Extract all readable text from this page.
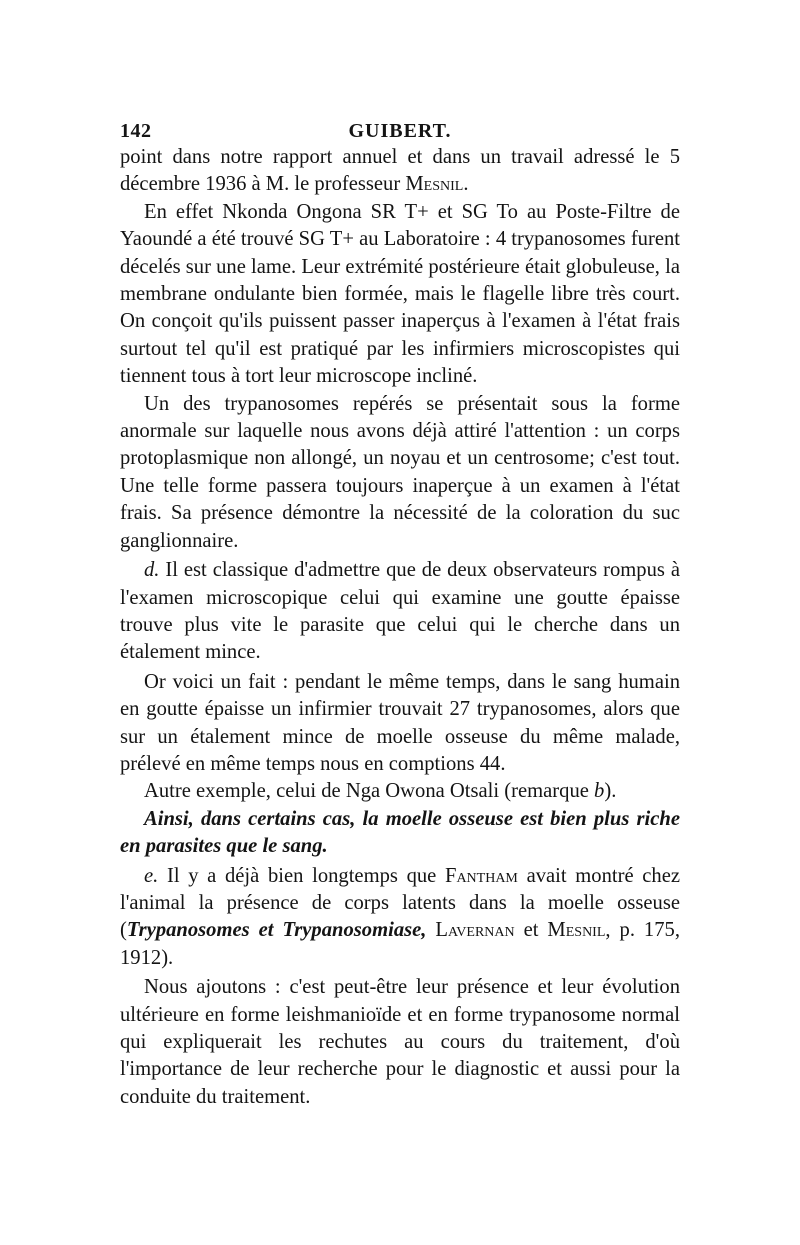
142	GUIBERT.

point dans notre rapport annuel et dans un travail adressé le 5 décembre 1936 à M. le professeur Mesnil.

En effet Nkonda Ongona SR T+ et SG To au Poste-Filtre de Yaoundé a été trouvé SG T+ au Laboratoire : 4 trypanosomes furent décelés sur une lame. Leur extrémité postérieure était globuleuse, la membrane ondulante bien formée, mais le flagelle libre très court. On conçoit qu'ils puissent passer inaperçus à l'examen à l'état frais surtout tel qu'il est pratiqué par les infirmiers microscopistes qui tiennent tous à tort leur microscope incliné.

Un des trypanosomes repérés se présentait sous la forme anormale sur laquelle nous avons déjà attiré l'attention : un corps protoplasmique non allongé, un noyau et un centrosome; c'est tout. Une telle forme passera toujours inaperçue à un examen à l'état frais. Sa présence démontre la nécessité de la coloration du suc ganglionnaire.

d. Il est classique d'admettre que de deux observateurs rompus à l'examen microscopique celui qui examine une goutte épaisse trouve plus vite le parasite que celui qui le cherche dans un étalement mince.

Or voici un fait : pendant le même temps, dans le sang humain en goutte épaisse un infirmier trouvait 27 trypanosomes, alors que sur un étalement mince de moelle osseuse du même malade, prélevé en même temps nous en comptions 44.

Autre exemple, celui de Nga Owona Otsali (remarque b).

Ainsi, dans certains cas, la moelle osseuse est bien plus riche en parasites que le sang.

e. Il y a déjà bien longtemps que Fantham avait montré chez l'animal la présence de corps latents dans la moelle osseuse (Trypanosomes et Trypanosomiase, Lavernan et Mesnil, p. 175, 1912).

Nous ajoutons : c'est peut-être leur présence et leur évolution ultérieure en forme leishmanioïde et en forme trypanosome normal qui expliquerait les rechutes au cours du traitement, d'où l'importance de leur recherche pour le diagnostic et aussi pour la conduite du traitement.
